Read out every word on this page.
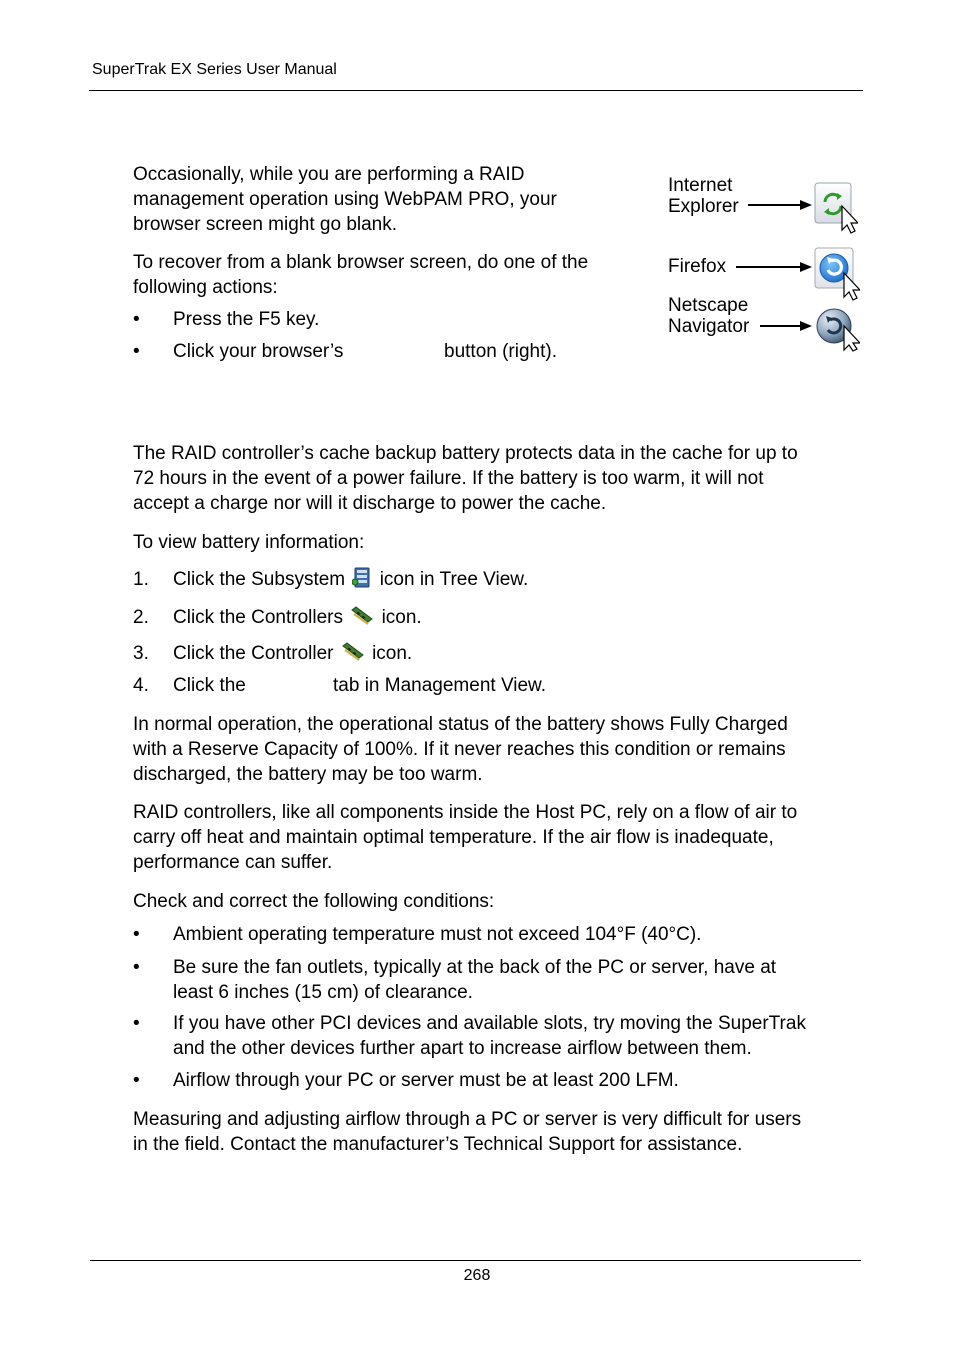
SuperTrak EX Series User Manual
Occasionally, while you are performing a RAID
management operation using WebPAM PRO, your
browser screen might go blank.
To recover from a blank browser screen, do one of the
following actions:
• Press the F5 key.
• Click your browser’s	button (right).
Internet
Explorer
Firefox
Netscape
Navigator
The RAID controller’s cache backup battery protects data in the cache for up to
72 hours in the event of a power failure. If the battery is too warm, it will not
accept a charge nor will it discharge to power the cache.
To view battery information:
1. Click the Subsystem icon in Tree View.
2. Click the Controllers icon.
3. Click the Controller icon.
4. Click the	tab in Management View.
In normal operation, the operational status of the battery shows Fully Charged
with a Reserve Capacity of 100%. If it never reaches this condition or remains
discharged, the battery may be too warm.
RAID controllers, like all components inside the Host PC, rely on a flow of air to
carry off heat and maintain optimal temperature. If the air flow is inadequate,
performance can suffer.
Check and correct the following conditions:
• Ambient operating temperature must not exceed 104°F (40°C).
• Be sure the fan outlets, typically at the back of the PC or server, have at
least 6 inches (15 cm) of clearance.
• If you have other PCI devices and available slots, try moving the SuperTrak
and the other devices further apart to increase airflow between them.
• Airflow through your PC or server must be at least 200 LFM.
Measuring and adjusting airflow through a PC or server is very difficult for users
in the field. Contact the manufacturer’s Technical Support for assistance.
268
